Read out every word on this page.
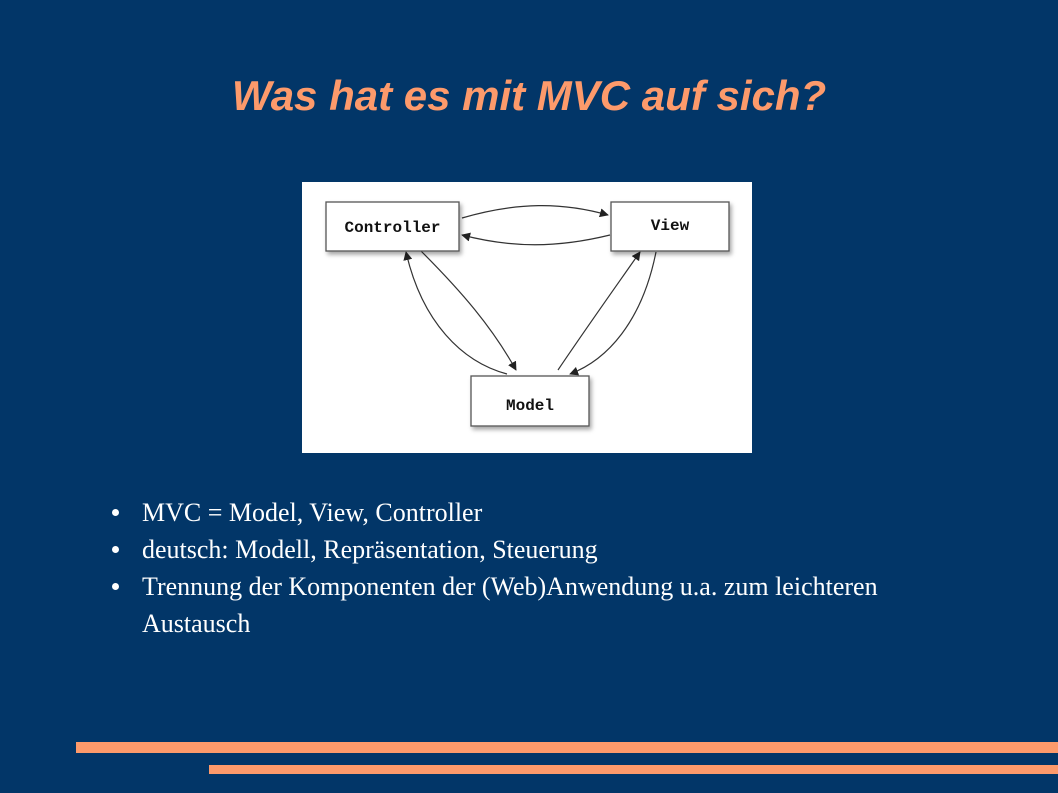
Was hat es mit MVC auf sich?
Controller	View
Model
MVC = Model, View, Controller
deutsch: Modell, Repräsentation, Steuerung
Trennung der Komponenten der (Web)Anwendung u.a. zum leichteren Austausch
